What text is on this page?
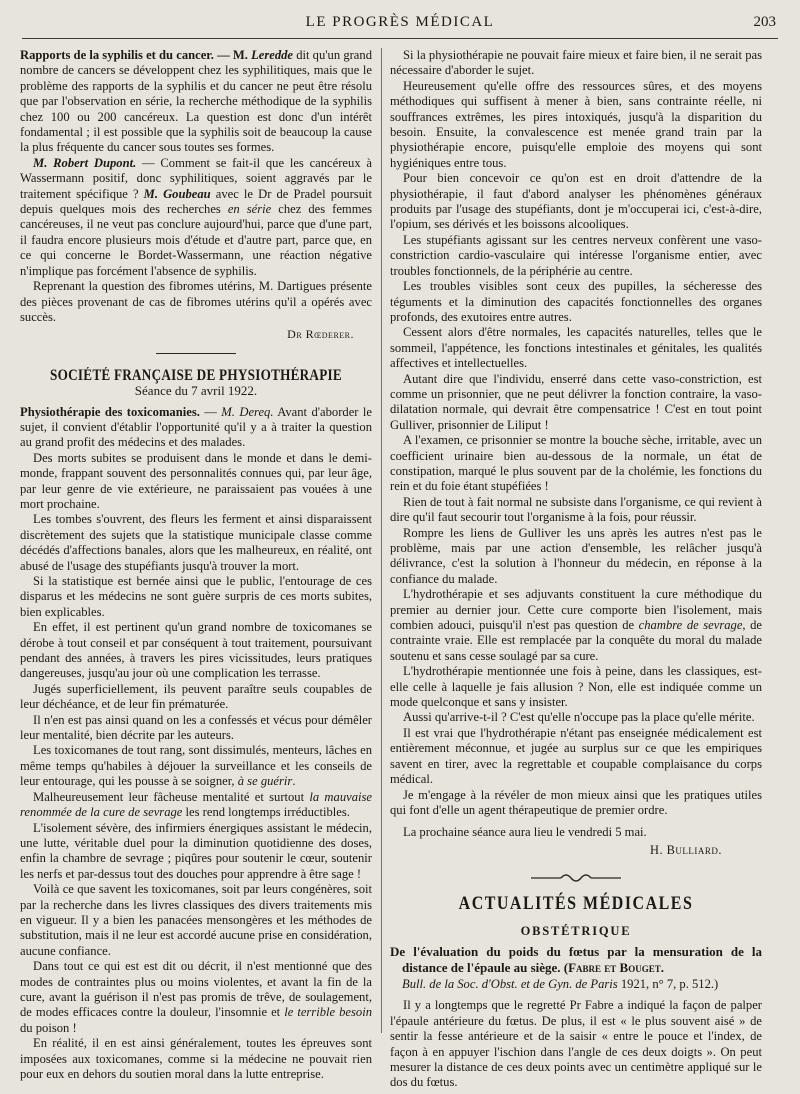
LE PROGRÈS MÉDICAL	203

Rapports de la syphilis et du cancer. — M. Leredde dit qu'un grand nombre de cancers se développent chez les syphilitiques, mais que le problème des rapports de la syphilis et du cancer ne peut être résolu que par l'observation en série, la recherche méthodique de la syphilis chez 100 ou 200 cancéreux. La question est donc d'un intérêt fondamental ; il est possible que la syphilis soit de beaucoup la cause la plus fréquente du cancer sous toutes ses formes.

M. Robert Dupont. — Comment se fait-il que les cancéreux à Wassermann positif, donc syphilitiques, soient aggravés par le traitement spécifique ? M. Goubeau avec le Dr de Pradel poursuit depuis quelques mois des recherches en série chez des femmes cancéreuses, il ne veut pas conclure aujourd'hui, parce que d'une part, il faudra encore plusieurs mois d'étude et d'autre part, parce que, en ce qui concerne le Bordet-Wassermann, une réaction négative n'implique pas forcément l'absence de syphilis.

Reprenant la question des fibromes utérins, M. Dartigues présente des pièces provenant de cas de fibromes utérins qu'il a opérés avec succès.

Dr Rœderer.
SOCIÉTÉ FRANÇAISE DE PHYSIOTHÉRAPIE
Séance du 7 avril 1922.

Physiothérapie des toxicomanies. — M. Dereq. Avant d'aborder le sujet, il convient d'établir l'opportunité qu'il y a à traiter la question au grand profit des médecins et des malades.

Des morts subites se produisent dans le monde et dans le demi-monde, frappant souvent des personnalités connues qui, par leur âge, par leur genre de vie extérieure, ne paraissaient pas vouées à une mort prochaine.

Les tombes s'ouvrent, des fleurs les ferment et ainsi disparaissent discrètement des sujets que la statistique municipale classe comme décédés d'affections banales, alors que les malheureux, en réalité, ont abusé de l'usage des stupéfiants jusqu'à trouver la mort.

Si la statistique est bernée ainsi que le public, l'entourage de ces disparus et les médecins ne sont guère surpris de ces morts subites, bien explicables.

En effet, il est pertinent qu'un grand nombre de toxicomanes se dérobe à tout conseil et par conséquent à tout traitement, poursuivant pendant des années, à travers les pires vicissitudes, leurs pratiques dangereuses, jusqu'au jour où une complication les terrasse.

Jugés superficiellement, ils peuvent paraître seuls coupables de leur déchéance, et de leur fin prématurée.

Il n'en est pas ainsi quand on les a confessés et vécus pour démêler leur mentalité, bien décrite par les auteurs.

Les toxicomanes de tout rang, sont dissimulés, menteurs, lâches en même temps qu'habiles à déjouer la surveillance et les conseils de leur entourage, qui les pousse à se soigner, à se guérir.

Malheureusement leur fâcheuse mentalité et surtout la mauvaise renommée de la cure de sevrage les rend longtemps irréductibles.

L'isolement sévère, des infirmiers énergiques assistant le médecin, une lutte, véritable duel pour la diminution quotidienne des doses, enfin la chambre de sevrage ; piqûres pour soutenir le cœur, soutenir les nerfs et par-dessus tout des douches pour apprendre à être sage !

Voilà ce que savent les toxicomanes, soit par leurs congénères, soit par la recherche dans les livres classiques des divers traitements mis en vigueur. Il y a bien les panacées mensongères et les méthodes de substitution, mais il ne leur est accordé aucune prise en considération, aucune confiance.

Dans tout ce qui est est dit ou décrit, il n'est mentionné que des modes de contraintes plus ou moins violentes, et avant la fin de la cure, avant la guérison il n'est pas promis de trêve, de soulagement, de modes efficaces contre la douleur, l'insomnie et le terrible besoin du poison !

En réalité, il en est ainsi généralement, toutes les épreuves sont imposées aux toxicomanes, comme si la médecine ne pouvait rien pour eux en dehors du soutien moral dans la lutte entreprise.

Si la physiothérapie ne pouvait faire mieux et faire bien, il ne serait pas nécessaire d'aborder le sujet.

Heureusement qu'elle offre des ressources sûres, et des moyens méthodiques qui suffisent à mener à bien, sans contrainte réelle, ni souffrances extrêmes, les pires intoxiqués, jusqu'à la disparition du besoin. Ensuite, la convalescence est menée grand train par la physiothérapie encore, puisqu'elle emploie des moyens qui sont hygiéniques entre tous.

Pour bien concevoir ce qu'on est en droit d'attendre de la physiothérapie, il faut d'abord analyser les phénomènes généraux produits par l'usage des stupéfiants, dont je m'occuperai ici, c'est-à-dire, l'opium, ses dérivés et les boissons alcooliques.

Les stupéfiants agissant sur les centres nerveux confèrent une vaso-constriction cardio-vasculaire qui intéresse l'organisme entier, avec troubles fonctionnels, de la périphérie au centre.

Les troubles visibles sont ceux des pupilles, la sécheresse des téguments et la diminution des capacités fonctionnelles des organes profonds, des exutoires entre autres.

Cessent alors d'être normales, les capacités naturelles, telles que le sommeil, l'appétence, les fonctions intestinales et génitales, les qualités affectives et intellectuelles.

Autant dire que l'individu, enserré dans cette vaso-constriction, est comme un prisonnier, que ne peut délivrer la fonction contraire, la vaso-dilatation normale, qui devrait être compensatrice ! C'est en tout point Gulliver, prisonnier de Liliput !

A l'examen, ce prisonnier se montre la bouche sèche, irritable, avec un coefficient urinaire bien au-dessous de la normale, un état de constipation, marqué le plus souvent par de la cholémie, les fonctions du rein et du foie étant stupéfiées !

Rien de tout à fait normal ne subsiste dans l'organisme, ce qui revient à dire qu'il faut secourir tout l'organisme à la fois, pour réussir.

Rompre les liens de Gulliver les uns après les autres n'est pas le problème, mais par une action d'ensemble, les relâcher jusqu'à délivrance, c'est la solution à l'honneur du médecin, en réponse à la confiance du malade.

L'hydrothérapie et ses adjuvants constituent la cure méthodique du premier au dernier jour. Cette cure comporte bien l'isolement, mais combien adouci, puisqu'il n'est pas question de chambre de sevrage, de contrainte vraie. Elle est remplacée par la conquête du moral du malade soutenu et sans cesse soulagé par sa cure.

L'hydrothérapie mentionnée une fois à peine, dans les classiques, est-elle celle à laquelle je fais allusion ? Non, elle est indiquée comme un mode quelconque et sans y insister.

Aussi qu'arrive-t-il ? C'est qu'elle n'occupe pas la place qu'elle mérite.

Il est vrai que l'hydrothérapie n'étant pas enseignée médicalement est entièrement méconnue, et jugée au surplus sur ce que les empiriques savent en tirer, avec la regrettable et coupable complaisance du corps médical.

Je m'engage à la révéler de mon mieux ainsi que les pratiques utiles qui font d'elle un agent thérapeutique de premier ordre.

La prochaine séance aura lieu le vendredi 5 mai.

H. Bulliard.
ACTUALITÉS MÉDICALES
OBSTÉTRIQUE

De l'évaluation du poids du fœtus par la mensuration de la distance de l'épaule au siège. (Fabre et Bouget.

Bull. de la Soc. d'Obst. et de Gyn. de Paris 1921, n° 7, p. 512.)

Il y a longtemps que le regretté Pr Fabre a indiqué la façon de palper l'épaule antérieure du fœtus. De plus, il est « le plus souvent aisé » de sentir la fesse antérieure et de la saisir « entre le pouce et l'index, de façon à en appuyer l'ischion dans l'angle de ces deux doigts ». On peut mesurer la distance de ces deux points avec un centimètre appliqué sur le dos du fœtus.
